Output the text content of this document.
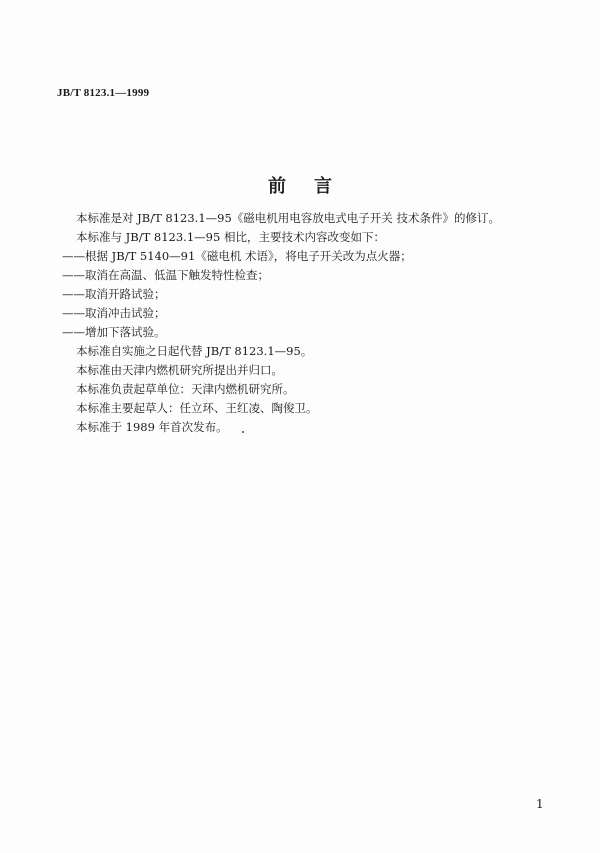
JB/T 8123.1—1999
前 言
本标准是对 JB/T 8123.1—95《磁电机用电容放电式电子开关 技术条件》的修订。
本标准与 JB/T 8123.1—95 相比，主要技术内容改变如下：
——根据 JB/T 5140—91《磁电机 术语》，将电子开关改为点火器；
——取消在高温、低温下触发特性检查；
——取消开路试验；
——取消冲击试验；
——增加下落试验。
本标准自实施之日起代替 JB/T 8123.1—95。
本标准由天津内燃机研究所提出并归口。
本标准负责起草单位：天津内燃机研究所。
本标准主要起草人：任立环、王红凌、陶俊卫。
本标准于 1989 年首次发布。
1
